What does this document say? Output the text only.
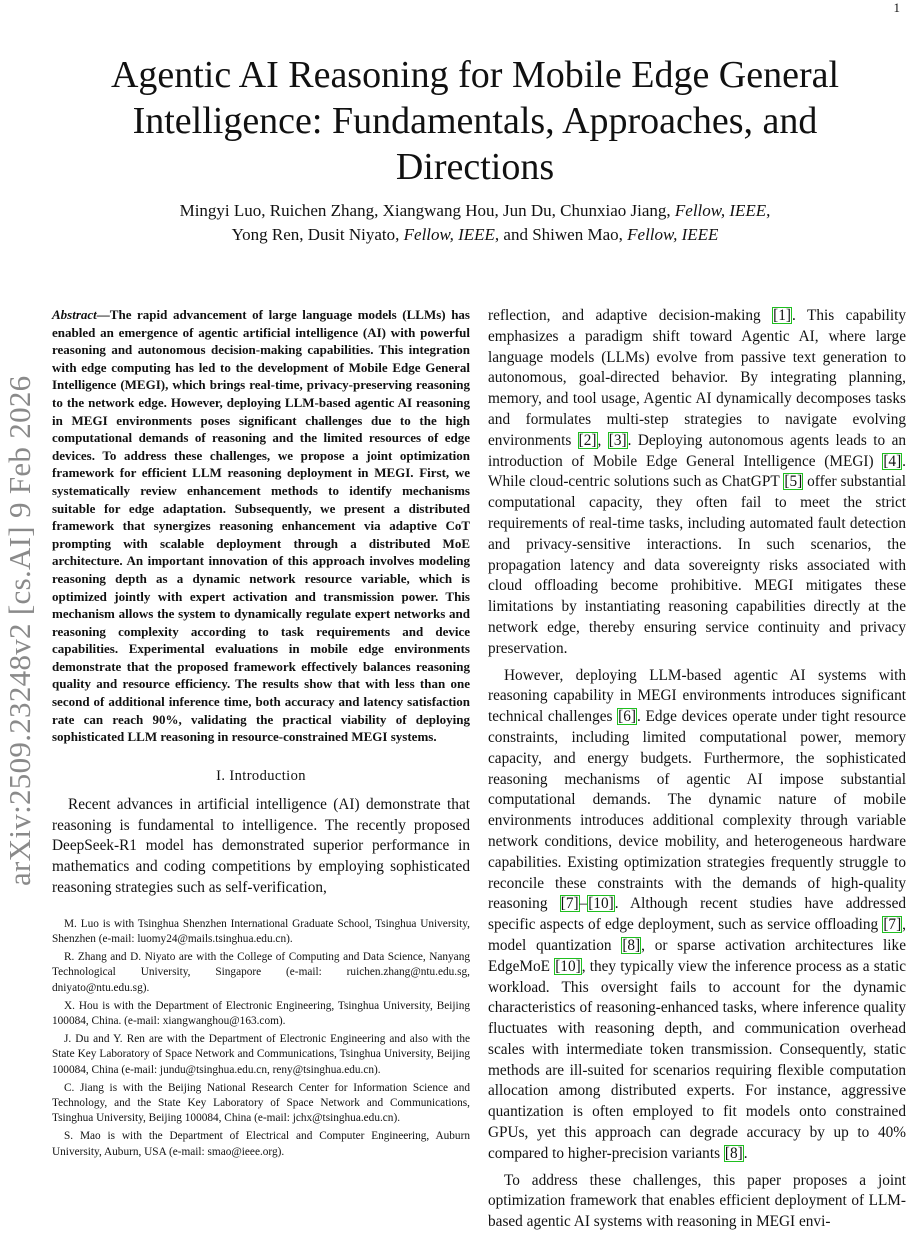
1
arXiv:2509.23248v2 [cs.AI] 9 Feb 2026
Agentic AI Reasoning for Mobile Edge General Intelligence: Fundamentals, Approaches, and Directions
Mingyi Luo, Ruichen Zhang, Xiangwang Hou, Jun Du, Chunxiao Jiang, Fellow, IEEE,
Yong Ren, Dusit Niyato, Fellow, IEEE, and Shiwen Mao, Fellow, IEEE

Abstract—The rapid advancement of large language models (LLMs) has enabled an emergence of agentic artificial intelligence (AI) with powerful reasoning and autonomous decision-making capabilities. This integration with edge computing has led to the development of Mobile Edge General Intelligence (MEGI), which brings real-time, privacy-preserving reasoning to the network edge. However, deploying LLM-based agentic AI reasoning in MEGI environments poses significant challenges due to the high computational demands of reasoning and the limited resources of edge devices. To address these challenges, we propose a joint optimization framework for efficient LLM reasoning deployment in MEGI. First, we systematically review enhancement methods to identify mechanisms suitable for edge adaptation. Subsequently, we present a distributed framework that synergizes reasoning enhancement via adaptive CoT prompting with scalable deployment through a distributed MoE architecture. An important innovation of this approach involves modeling reasoning depth as a dynamic network resource variable, which is optimized jointly with expert activation and transmission power. This mechanism allows the system to dynamically regulate expert networks and reasoning complexity according to task requirements and device capabilities. Experimental evaluations in mobile edge environments demonstrate that the proposed framework effectively balances reasoning quality and resource efficiency. The results show that with less than one second of additional inference time, both accuracy and latency satisfaction rate can reach 90%, validating the practical viability of deploying sophisticated LLM reasoning in resource-constrained MEGI systems.

I. Introduction

Recent advances in artificial intelligence (AI) demonstrate that reasoning is fundamental to intelligence. The recently proposed DeepSeek-R1 model has demonstrated superior performance in mathematics and coding competitions by employing sophisticated reasoning strategies such as self-verification,

M. Luo is with Tsinghua Shenzhen International Graduate School, Tsinghua University, Shenzhen (e-mail: luomy24@mails.tsinghua.edu.cn).

R. Zhang and D. Niyato are with the College of Computing and Data Science, Nanyang Technological University, Singapore (e-mail: ruichen.zhang@ntu.edu.sg, dniyato@ntu.edu.sg).

X. Hou is with the Department of Electronic Engineering, Tsinghua University, Beijing 100084, China. (e-mail: xiangwanghou@163.com).

J. Du and Y. Ren are with the Department of Electronic Engineering and also with the State Key Laboratory of Space Network and Communications, Tsinghua University, Beijing 100084, China (e-mail: jundu@tsinghua.edu.cn, reny@tsinghua.edu.cn).

C. Jiang is with the Beijing National Research Center for Information Science and Technology, and the State Key Laboratory of Space Network and Communications, Tsinghua University, Beijing 100084, China (e-mail: jchx@tsinghua.edu.cn).

S. Mao is with the Department of Electrical and Computer Engineering, Auburn University, Auburn, USA (e-mail: smao@ieee.org).

reflection, and adaptive decision-making [1]. This capability emphasizes a paradigm shift toward Agentic AI, where large language models (LLMs) evolve from passive text generation to autonomous, goal-directed behavior. By integrating planning, memory, and tool usage, Agentic AI dynamically decomposes tasks and formulates multi-step strategies to navigate evolving environments [2], [3]. Deploying autonomous agents leads to an introduction of Mobile Edge General Intelligence (MEGI) [4]. While cloud-centric solutions such as ChatGPT [5] offer substantial computational capacity, they often fail to meet the strict requirements of real-time tasks, including automated fault detection and privacy-sensitive interactions. In such scenarios, the propagation latency and data sovereignty risks associated with cloud offloading become prohibitive. MEGI mitigates these limitations by instantiating reasoning capabilities directly at the network edge, thereby ensuring service continuity and privacy preservation.

However, deploying LLM-based agentic AI systems with reasoning capability in MEGI environments introduces significant technical challenges [6]. Edge devices operate under tight resource constraints, including limited computational power, memory capacity, and energy budgets. Furthermore, the sophisticated reasoning mechanisms of agentic AI impose substantial computational demands. The dynamic nature of mobile environments introduces additional complexity through variable network conditions, device mobility, and heterogeneous hardware capabilities. Existing optimization strategies frequently struggle to reconcile these constraints with the demands of high-quality reasoning [7]–[10]. Although recent studies have addressed specific aspects of edge deployment, such as service offloading [7], model quantization [8], or sparse activation architectures like EdgeMoE [10], they typically view the inference process as a static workload. This oversight fails to account for the dynamic characteristics of reasoning-enhanced tasks, where inference quality fluctuates with reasoning depth, and communication overhead scales with intermediate token transmission. Consequently, static methods are ill-suited for scenarios requiring flexible computation allocation among distributed experts. For instance, aggressive quantization is often employed to fit models onto constrained GPUs, yet this approach can degrade accuracy by up to 40% compared to higher-precision variants [8].

To address these challenges, this paper proposes a joint optimization framework that enables efficient deployment of LLM-based agentic AI systems with reasoning in MEGI envi-
